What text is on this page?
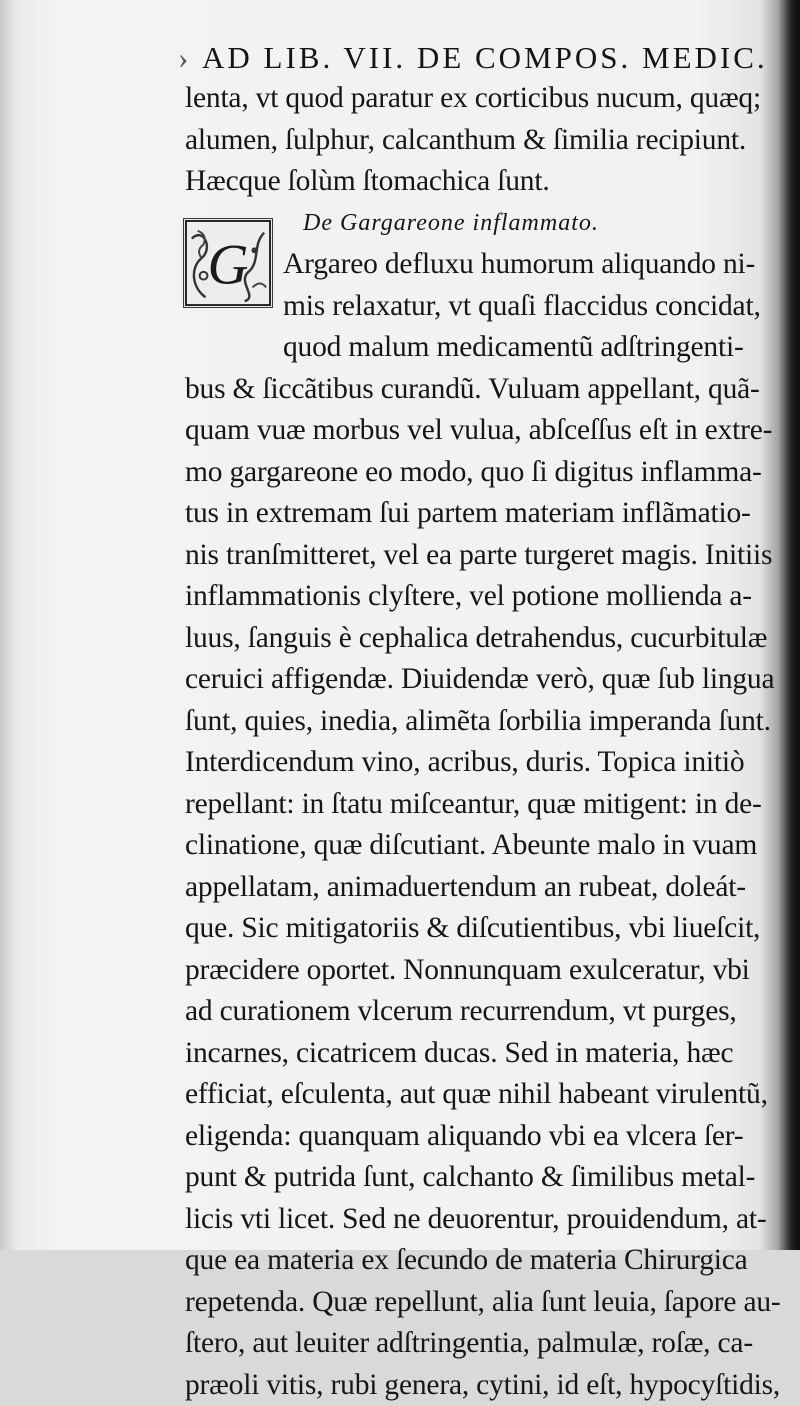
› AD LIB. VII. DE COMPOS. MEDIC.
G
lenta, vt quod paratur ex corticibus nucum, quæq;
alumen, ſulphur, calcanthum & ſimilia recipiunt.
Hæcque ſolùm ſtomachica ſunt.
De Gargareone inflammato.
Argareo defluxu humorum aliquando ni-
mis relaxatur, vt quaſi flaccidus concidat,
quod malum medicamentũ adſtringenti-
bus & ſiccãtibus curandũ. Vuluam appellant, quã-
quam vuæ morbus vel vulua, abſceſſus eſt in extre-
mo gargareone eo modo, quo ſi digitus inflamma-
tus in extremam ſui partem materiam inflãmatio-
nis tranſmitteret, vel ea parte turgeret magis. Initiis
inflammationis clyſtere, vel potione mollienda a-
luus, ſanguis è cephalica detrahendus, cucurbitulæ
ceruici affigendæ. Diuidendæ verò, quæ ſub lingua
ſunt, quies, inedia, alimẽta ſorbilia imperanda ſunt.
Interdicendum vino, acribus, duris. Topica initiò
repellant: in ſtatu miſceantur, quæ mitigent: in de-
clinatione, quæ diſcutiant. Abeunte malo in vuam
appellatam, animaduertendum an rubeat, doleát-
que. Sic mitigatoriis & diſcutientibus, vbi liueſcit,
præcidere oportet. Nonnunquam exulceratur, vbi
ad curationem vlcerum recurrendum, vt purges,
incarnes, cicatricem ducas. Sed in materia, hæc
efficiat, eſculenta, aut quæ nihil habeant virulentũ,
eligenda: quanquam aliquando vbi ea vlcera ſer-
punt & putrida ſunt, calchanto & ſimilibus metal-
licis vti licet. Sed ne deuorentur, prouidendum, at-
que ea materia ex ſecundo de materia Chirurgica
repetenda. Quæ repellunt, alia ſunt leuia, ſapore au-
ſtero, aut leuiter adſtringentia, palmulæ, roſæ, ca-
præoli vitis, rubi genera, cytini, id eſt, hypocyſtidis,
